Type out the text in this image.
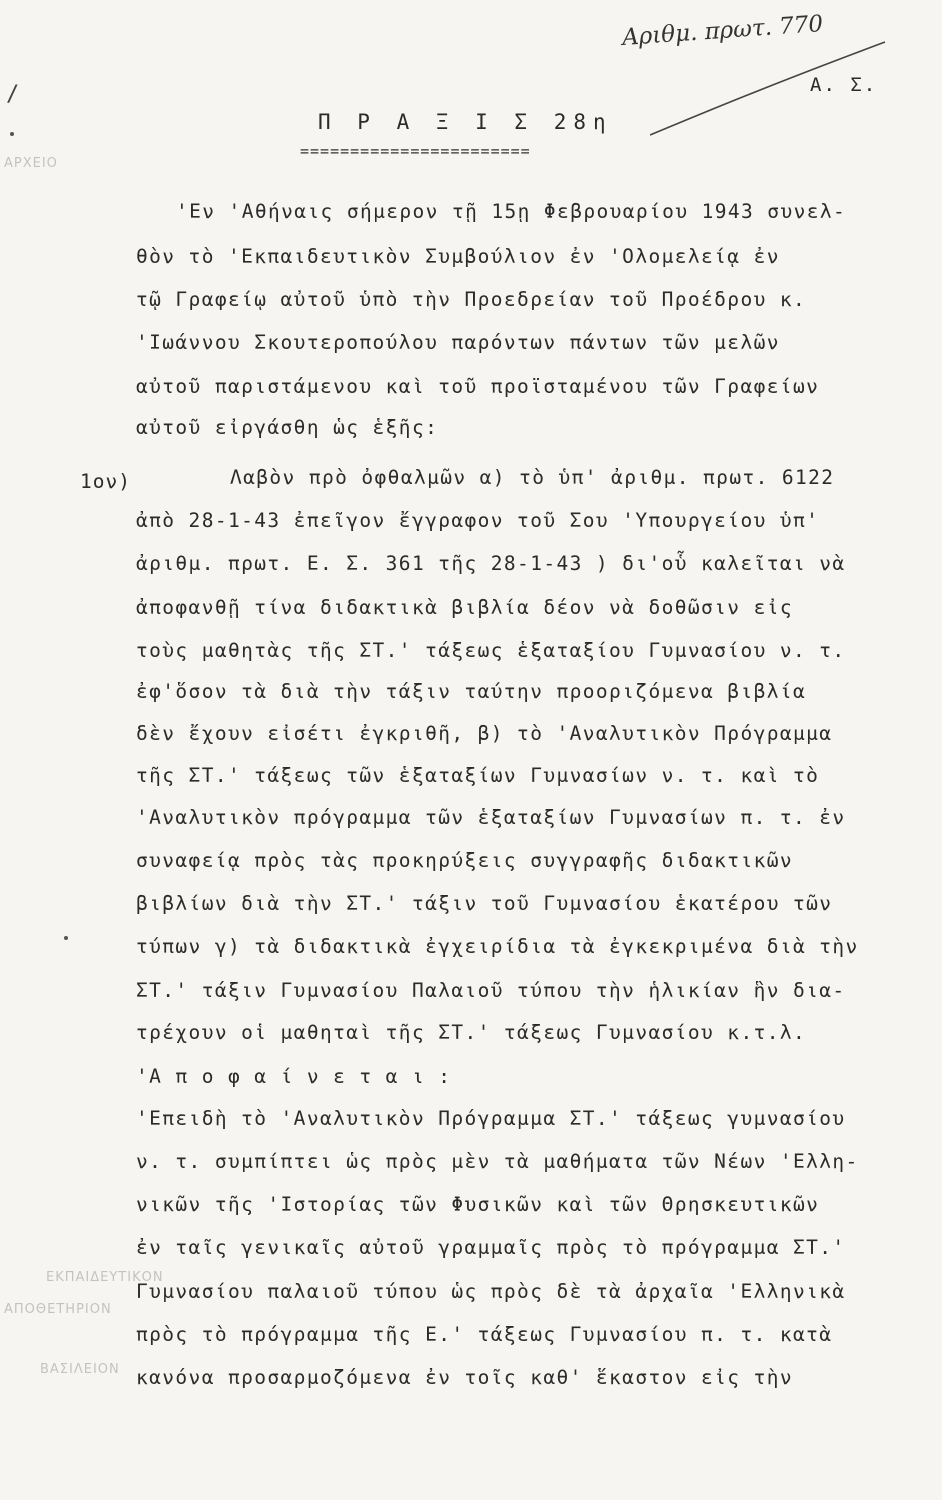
/
ΑΡΧΕΙΟ
Αριθμ. πρωτ. 770
Α. Σ.
Π Ρ Α Ξ Ι Σ 28η
=======================
'Εν 'Αθήναις σήμερον τῇ 15ῃ Φεβρουαρίου 1943 συνελ-
θὸν τὸ 'Εκπαιδευτικὸν Συμβούλιον ἐν 'Ολομελείᾳ ἐν
τῷ Γραφείῳ αὐτοῦ ὑπὸ τὴν Προεδρείαν τοῦ Προέδρου κ.
'Ιωάννου Σκουτεροπούλου παρόντων πάντων τῶν μελῶν
αὐτοῦ παριστάμενου καὶ τοῦ προϊσταμένου τῶν Γραφείων
αὐτοῦ εἰργάσθη ὡς ἑξῆς:
1ον)	Λαβὸν πρὸ ὀφθαλμῶν α) τὸ ὑπ' ἀριθμ. πρωτ. 6122
ἀπὸ 28-1-43 ἐπεῖγον ἔγγραφον τοῦ Σου 'Υπουργείου ὑπ'
ἀριθμ. πρωτ. Ε. Σ. 361 τῆς 28-1-43 ) δι'οὗ καλεῖται νὰ
ἀποφανθῇ τίνα διδακτικὰ βιβλία δέον νὰ δοθῶσιν εἰς
τοὺς μαθητὰς τῆς ΣΤ.' τάξεως ἑξαταξίου Γυμνασίου ν. τ.
ἐφ'ὅσον τὰ διὰ τὴν τάξιν ταύτην προοριζόμενα βιβλία
δὲν ἔχουν εἰσέτι ἐγκριθῆ, β) τὸ 'Αναλυτικὸν Πρόγραμμα
τῆς ΣΤ.' τάξεως τῶν ἑξαταξίων Γυμνασίων ν. τ. καὶ τὸ
'Αναλυτικὸν πρόγραμμα τῶν ἑξαταξίων Γυμνασίων π. τ. ἐν
συναφείᾳ πρὸς τὰς προκηρύξεις συγγραφῆς διδακτικῶν
βιβλίων διὰ τὴν ΣΤ.' τάξιν τοῦ Γυμνασίου ἑκατέρου τῶν
τύπων γ) τὰ διδακτικὰ ἐγχειρίδια τὰ ἐγκεκριμένα διὰ τὴν
ΣΤ.' τάξιν Γυμνασίου Παλαιοῦ τύπου τὴν ἡλικίαν ἣν δια-
τρέχουν οἱ μαθηταὶ τῆς ΣΤ.' τάξεως Γυμνασίου κ.τ.λ.
'Α π ο φ α ί ν ε τ α ι :
'Επειδὴ τὸ 'Αναλυτικὸν Πρόγραμμα ΣΤ.' τάξεως γυμνασίου
ν. τ. συμπίπτει ὡς πρὸς μὲν τὰ μαθήματα τῶν Νέων 'Ελλη-
νικῶν τῆς 'Ιστορίας τῶν Φυσικῶν καὶ τῶν Θρησκευτικῶν
ἐν ταῖς γενικαῖς αὐτοῦ γραμμαῖς πρὸς τὸ πρόγραμμα ΣΤ.'
Γυμνασίου παλαιοῦ τύπου ὡς πρὸς δὲ τὰ ἀρχαῖα 'Ελληνικὰ
πρὸς τὸ πρόγραμμα τῆς Ε.' τάξεως Γυμνασίου π. τ. κατὰ
κανόνα προσαρμοζόμενα ἐν τοῖς καθ' ἕκαστον εἰς τὴν
ΕΚΠΑΙΔΕΥΤΙΚΟΝ
ΑΠΟΘΕΤΗΡΙΟΝ
ΒΑΣΙΛΕΙΟΝ
